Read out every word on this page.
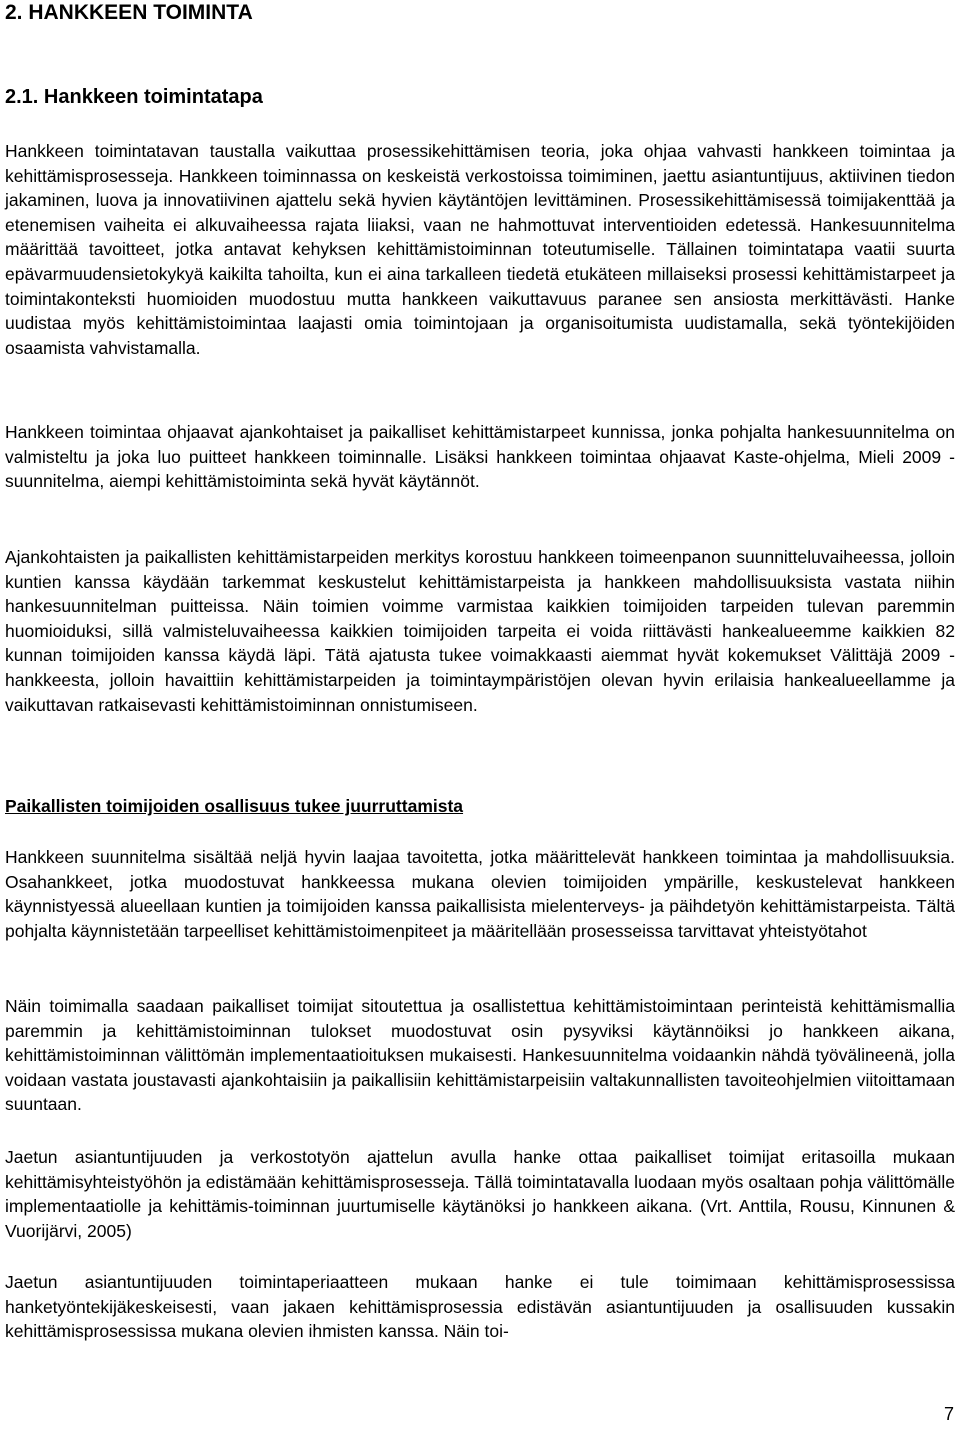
2. HANKKEEN TOIMINTA
2.1. Hankkeen toimintatapa

Hankkeen toimintatavan taustalla vaikuttaa prosessikehittämisen teoria, joka ohjaa vahvasti hankkeen toimintaa ja kehittämisprosesseja. Hankkeen toiminnassa on keskeistä verkostoissa toimiminen, jaettu asiantuntijuus, aktiivinen tiedon jakaminen, luova ja innovatiivinen ajattelu sekä hyvien käytäntöjen levittäminen. Prosessikehittämisessä toimijakenttää ja etenemisen vaiheita ei alkuvaiheessa rajata liiaksi, vaan ne hahmottuvat interventioiden edetessä. Hankesuunnitelma määrittää tavoitteet, jotka antavat kehyksen kehittämistoiminnan toteutumiselle. Tällainen toimintatapa vaatii suurta epävarmuudensietokykyä kaikilta tahoilta, kun ei aina tarkalleen tiedetä etukäteen millaiseksi prosessi kehittämistarpeet ja toimintakonteksti huomioiden muodostuu mutta hankkeen vaikuttavuus paranee sen ansiosta merkittävästi. Hanke uudistaa myös kehittämistoimintaa laajasti omia toimintojaan ja organisoitumista uudistamalla, sekä työntekijöiden osaamista vahvistamalla.

Hankkeen toimintaa ohjaavat ajankohtaiset ja paikalliset kehittämistarpeet kunnissa, jonka pohjalta hankesuunnitelma on valmisteltu ja joka luo puitteet hankkeen toiminnalle. Lisäksi hankkeen toimintaa ohjaavat Kaste-ohjelma, Mieli 2009 -suunnitelma, aiempi kehittämistoiminta sekä hyvät käytännöt.

Ajankohtaisten ja paikallisten kehittämistarpeiden merkitys korostuu hankkeen toimeenpanon suunnitteluvaiheessa, jolloin kuntien kanssa käydään tarkemmat keskustelut kehittämistarpeista ja hankkeen mahdollisuuksista vastata niihin hankesuunnitelman puitteissa. Näin toimien voimme varmistaa kaikkien toimijoiden tarpeiden tulevan paremmin huomioiduksi, sillä valmisteluvaiheessa kaikkien toimijoiden tarpeita ei voida riittävästi hankealueemme kaikkien 82 kunnan toimijoiden kanssa käydä läpi. Tätä ajatusta tukee voimakkaasti aiemmat hyvät kokemukset Välittäjä 2009 -hankkeesta, jolloin havaittiin kehittämistarpeiden ja toimintaympäristöjen olevan hyvin erilaisia hankealueellamme ja vaikuttavan ratkaisevasti kehittämistoiminnan onnistumiseen.

Paikallisten toimijoiden osallisuus tukee juurruttamista

Hankkeen suunnitelma sisältää neljä hyvin laajaa tavoitetta, jotka määrittelevät hankkeen toimintaa ja mahdollisuuksia. Osahankkeet, jotka muodostuvat hankkeessa mukana olevien toimijoiden ympärille, keskustelevat hankkeen käynnistyessä alueellaan kuntien ja toimijoiden kanssa paikallisista mielenterveys- ja päihdetyön kehittämistarpeista. Tältä pohjalta käynnistetään tarpeelliset kehittämistoimenpiteet ja määritellään prosesseissa tarvittavat yhteistyötahot

Näin toimimalla saadaan paikalliset toimijat sitoutettua ja osallistettua kehittämistoimintaan perinteistä kehittämismallia paremmin ja kehittämistoiminnan tulokset muodostuvat osin pysyviksi käytännöiksi jo hankkeen aikana, kehittämistoiminnan välittömän implementaatioituksen mukaisesti. Hankesuunnitelma voidaankin nähdä työvälineenä, jolla voidaan vastata joustavasti ajankohtaisiin ja paikallisiin kehittämistarpeisiin valtakunnallisten tavoiteohjelmien viitoittamaan suuntaan.

Jaetun asiantuntijuuden ja verkostotyön ajattelun avulla hanke ottaa paikalliset toimijat eritasoilla mukaan kehittämisyhteistyöhön ja edistämään kehittämisprosesseja. Tällä toimintatavalla luodaan myös osaltaan pohja välittömälle implementaatiolle ja kehittämis-toiminnan juurtumiselle käytänöksi jo hankkeen aikana. (Vrt. Anttila, Rousu, Kinnunen & Vuorijärvi, 2005)

Jaetun asiantuntijuuden toimintaperiaatteen mukaan hanke ei tule toimimaan kehittämisprosessissa hanketyöntekijäkeskeisesti, vaan jakaen kehittämisprosessia edistävän asiantuntijuuden ja osallisuuden kussakin kehittämisprosessissa mukana olevien ihmisten kanssa. Näin toi-

7
